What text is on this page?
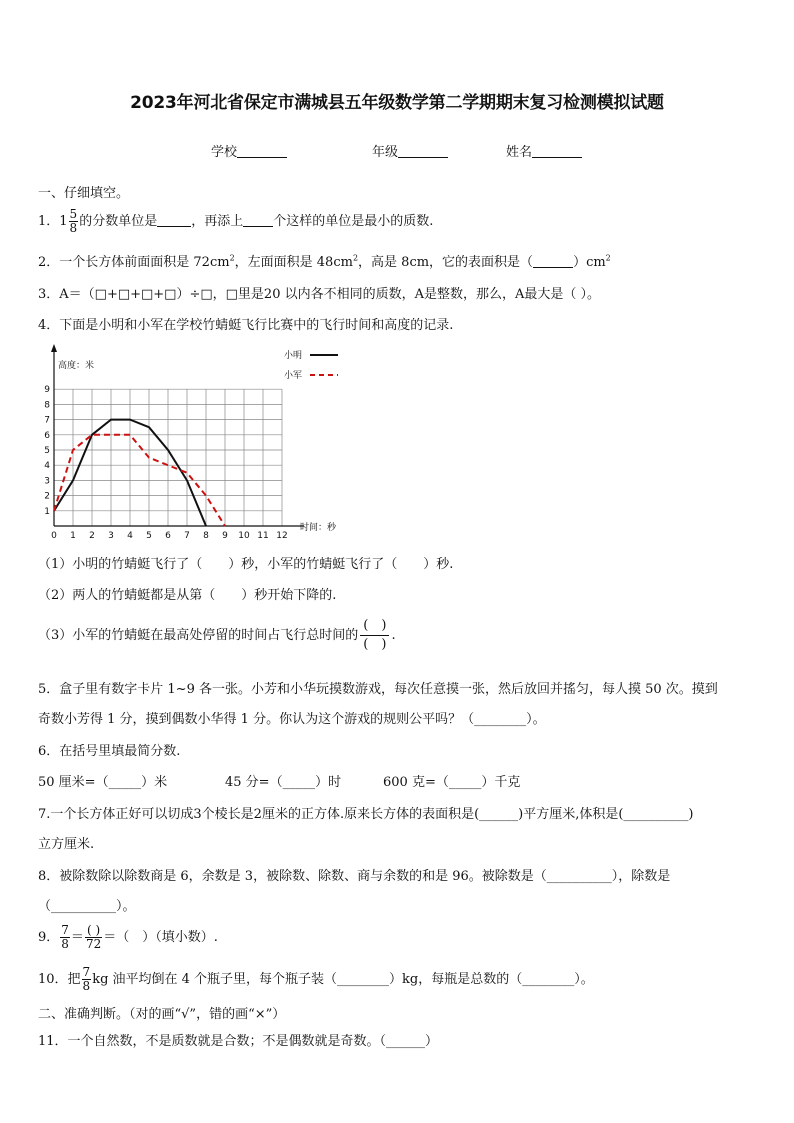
2023年河北省保定市满城县五年级数学第二学期期末复习检测模拟试题
学校	年级	姓名
一、仔细填空。
1．$1 \frac{5}{8}$ 的分数单位是	，再添上 个这样的单位是最小的质数.
2．一个长方体前面面积是 $72cm^2$，左面面积是 $48cm^2$，高是 8cm，它的表面积是（	）$cm^2$
3．A＝（□+□+□+□）÷□，□里是20 以内各不相同的质数，A是整数，那么，A最大是（ ）。
4．下面是小明和小军在学校竹蜻蜓飞行比赛中的飞行时间和高度的记录.
高度：米
时间：秒
0 1 2 3 4 5 6 7 8 9 10 11 12
1
2
3
4
5
6
7
8
9
小明
小军
（1）小明的竹蜻蜓飞行了（　　）秒，小军的竹蜻蜓飞行了（　　）秒.
（2）两人的竹蜻蜓都是从第（　　）秒开始下降的.
（3）小军的竹蜻蜓在最高处停留的时间占飞行总时间的 $\frac{( )}{( )}$ .
5．盒子里有数字卡片 1~9 各一张。小芳和小华玩摸数游戏，每次任意摸一张，然后放回并搖匀，每人摸 50 次。摸到
奇数小芳得 1 分，摸到偶数小华得 1 分。你认为这个游戏的规则公平吗？（________）。
6．在括号里填最简分数.
50 厘米=（_____）米	45 分=（_____）时	600 克=（_____）千克
7.一个长方体正好可以切成3个棱长是2厘米的正方体.原来长方体的表面积是(______)平方厘米,体积是(__________)
立方厘米.
8．被除数除以除数商是 6，余数是 3，被除数、除数、商与余数的和是 96。被除数是（__________），除数是
（__________）。
9． $\frac{7}{8} = \frac{( )}{72}$ ＝（　）（填小数）.
10．把 $\frac{7}{8}$ kg 油平均倒在 4 个瓶子里，每个瓶子装（________）kg，每瓶是总数的（________）。
二、准确判断。（对的画“√”，错的画“×”）
11．一个自然数，不是质数就是合数；不是偶数就是奇数。（______）
